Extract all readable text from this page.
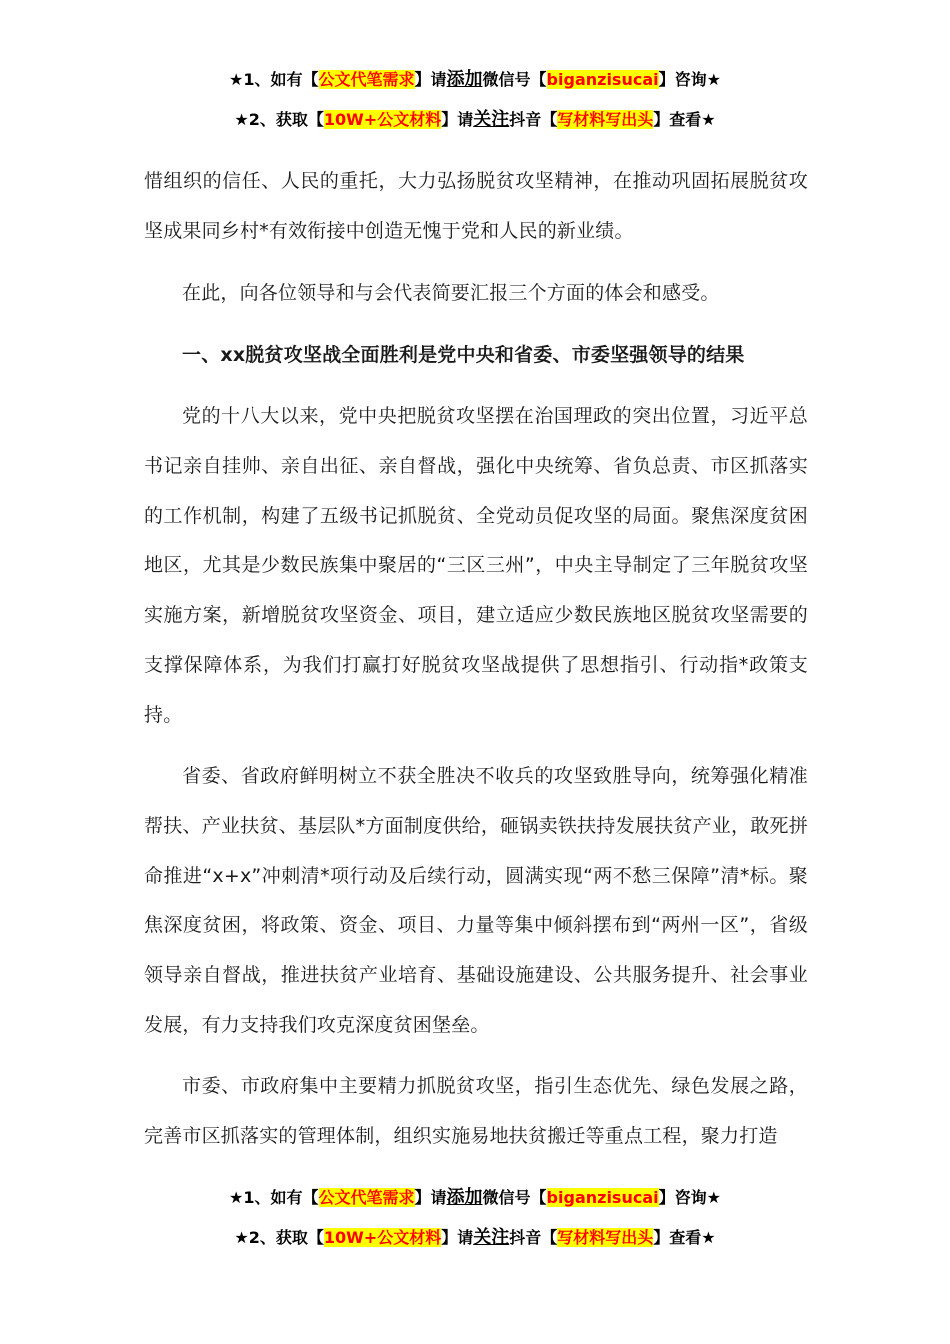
★1、如有【公文代笔需求】请添加微信号【biganzisucai】咨询★
★2、获取【10W+公文材料】请关注抖音【写材料写出头】查看★

惜组织的信任、人民的重托，大力弘扬脱贫攻坚精神，在推动巩固拓展脱贫攻坚成果同乡村*有效衔接中创造无愧于党和人民的新业绩。

在此，向各位领导和与会代表简要汇报三个方面的体会和感受。

一、xx脱贫攻坚战全面胜利是党中央和省委、市委坚强领导的结果

党的十八大以来，党中央把脱贫攻坚摆在治国理政的突出位置，习近平总书记亲自挂帅、亲自出征、亲自督战，强化中央统筹、省负总责、市区抓落实的工作机制，构建了五级书记抓脱贫、全党动员促攻坚的局面。聚焦深度贫困地区，尤其是少数民族集中聚居的“三区三州”，中央主导制定了三年脱贫攻坚实施方案，新增脱贫攻坚资金、项目，建立适应少数民族地区脱贫攻坚需要的支撑保障体系，为我们打赢打好脱贫攻坚战提供了思想指引、行动指*政策支持。

省委、省政府鲜明树立不获全胜决不收兵的攻坚致胜导向，统筹强化精准帮扶、产业扶贫、基层队*方面制度供给，砸锅卖铁扶持发展扶贫产业，敢死拼命推进“x+x”冲刺清*项行动及后续行动，圆满实现“两不愁三保障”清*标。聚焦深度贫困，将政策、资金、项目、力量等集中倾斜摆布到“两州一区”，省级领导亲自督战，推进扶贫产业培育、基础设施建设、公共服务提升、社会事业发展，有力支持我们攻克深度贫困堡垒。

市委、市政府集中主要精力抓脱贫攻坚，指引生态优先、绿色发展之路，完善市区抓落实的管理体制，组织实施易地扶贫搬迁等重点工程，聚力打造

★1、如有【公文代笔需求】请添加微信号【biganzisucai】咨询★
★2、获取【10W+公文材料】请关注抖音【写材料写出头】查看★
